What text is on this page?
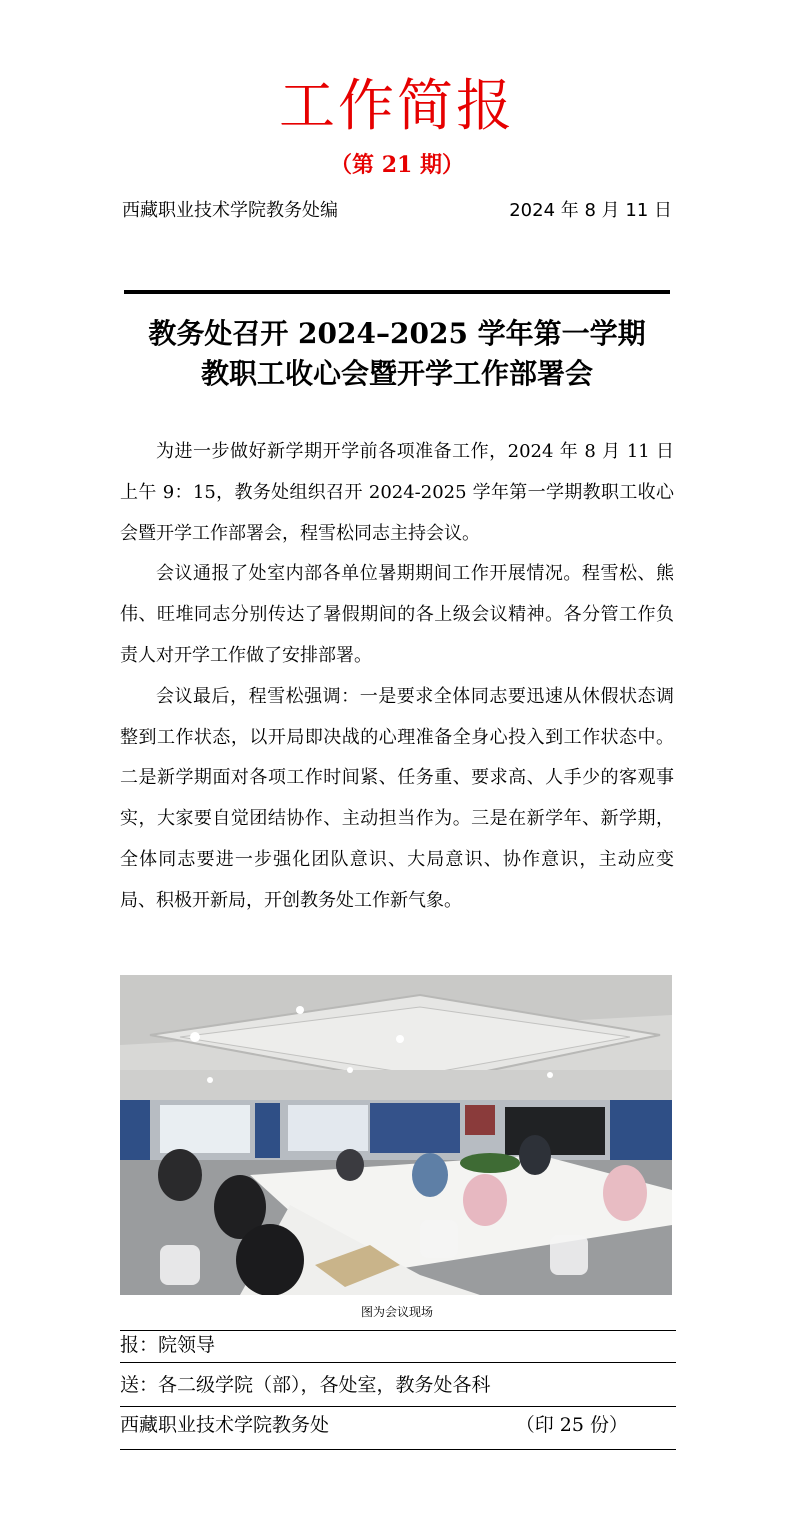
工作简报
（第 21 期）
西藏职业技术学院教务处编	2024 年 8 月 11 日
教务处召开 2024–2025 学年第一学期
教职工收心会暨开学工作部署会

为进一步做好新学期开学前各项准备工作，2024 年 8 月 11 日上午 9：15，教务处组织召开 2024-2025 学年第一学期教职工收心会暨开学工作部署会，程雪松同志主持会议。

会议通报了处室内部各单位暑期期间工作开展情况。程雪松、熊伟、旺堆同志分别传达了暑假期间的各上级会议精神。各分管工作负责人对开学工作做了安排部署。

会议最后，程雪松强调：一是要求全体同志要迅速从休假状态调整到工作状态，以开局即决战的心理准备全身心投入到工作状态中。二是新学期面对各项工作时间紧、任务重、要求高、人手少的客观事实，大家要自觉团结协作、主动担当作为。三是在新学年、新学期，全体同志要进一步强化团队意识、大局意识、协作意识，主动应变局、积极开新局，开创教务处工作新气象。

图为会议现场
报：院领导
送：各二级学院（部），各处室，教务处各科
西藏职业技术学院教务处	（印 25 份）
